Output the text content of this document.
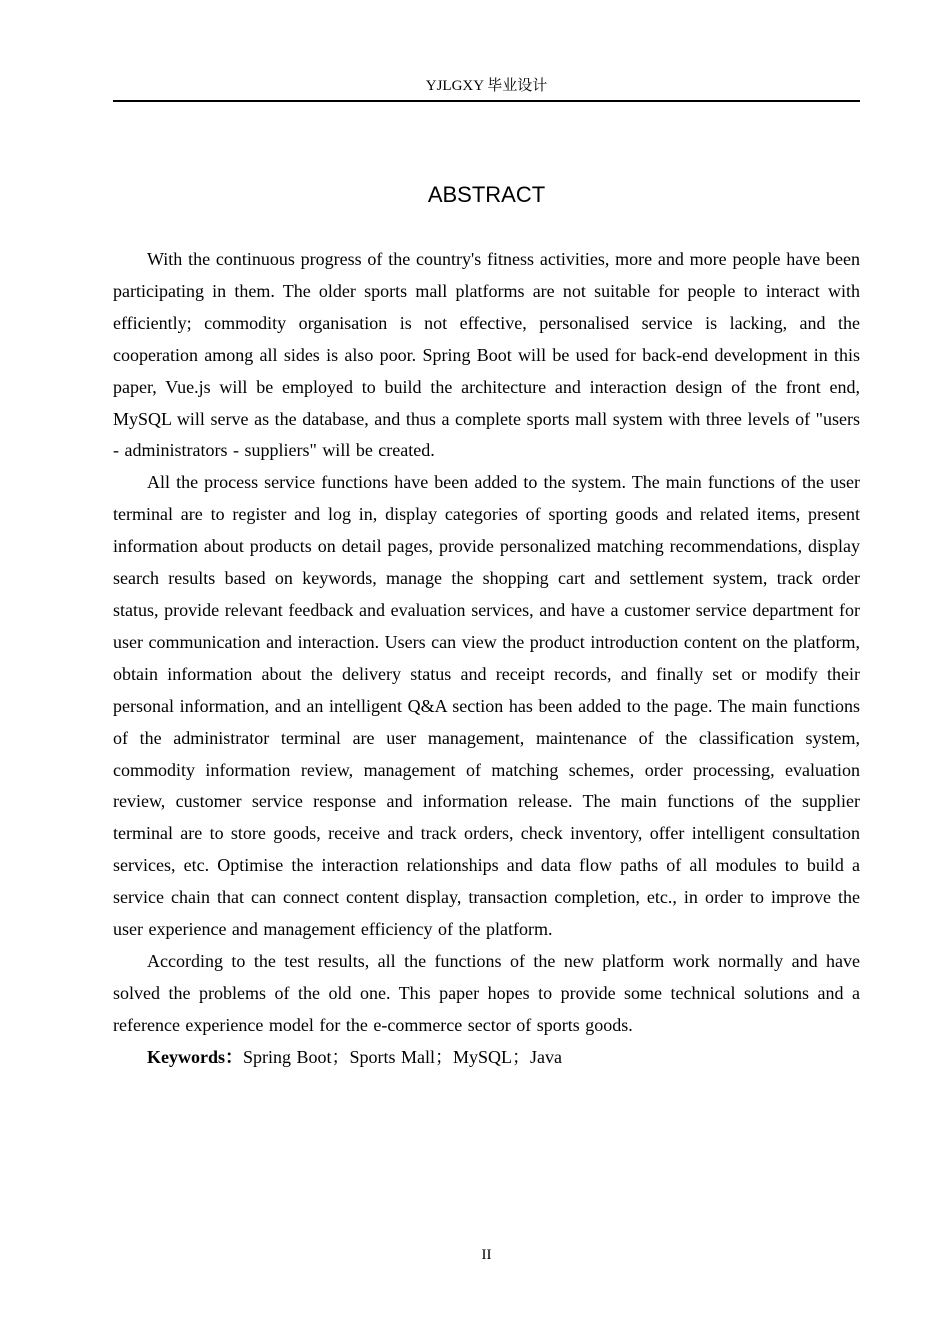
YJLGXY 毕业设计
ABSTRACT

With the continuous progress of the country's fitness activities, more and more people have been participating in them. The older sports mall platforms are not suitable for people to interact with efficiently; commodity organisation is not effective, personalised service is lacking, and the cooperation among all sides is also poor. Spring Boot will be used for back-end development in this paper, Vue.js will be employed to build the architecture and interaction design of the front end, MySQL will serve as the database, and thus a complete sports mall system with three levels of "users - administrators - suppliers" will be created.

All the process service functions have been added to the system. The main functions of the user terminal are to register and log in, display categories of sporting goods and related items, present information about products on detail pages, provide personalized matching recommendations, display search results based on keywords, manage the shopping cart and settlement system, track order status, provide relevant feedback and evaluation services, and have a customer service department for user communication and interaction. Users can view the product introduction content on the platform, obtain information about the delivery status and receipt records, and finally set or modify their personal information, and an intelligent Q&A section has been added to the page. The main functions of the administrator terminal are user management, maintenance of the classification system, commodity information review, management of matching schemes, order processing, evaluation review, customer service response and information release. The main functions of the supplier terminal are to store goods, receive and track orders, check inventory, offer intelligent consultation services, etc. Optimise the interaction relationships and data flow paths of all modules to build a service chain that can connect content display, transaction completion, etc., in order to improve the user experience and management efficiency of the platform.

According to the test results, all the functions of the new platform work normally and have solved the problems of the old one. This paper hopes to provide some technical solutions and a reference experience model for the e-commerce sector of sports goods.

Keywords：Spring Boot；Sports Mall；MySQL；Java

II
